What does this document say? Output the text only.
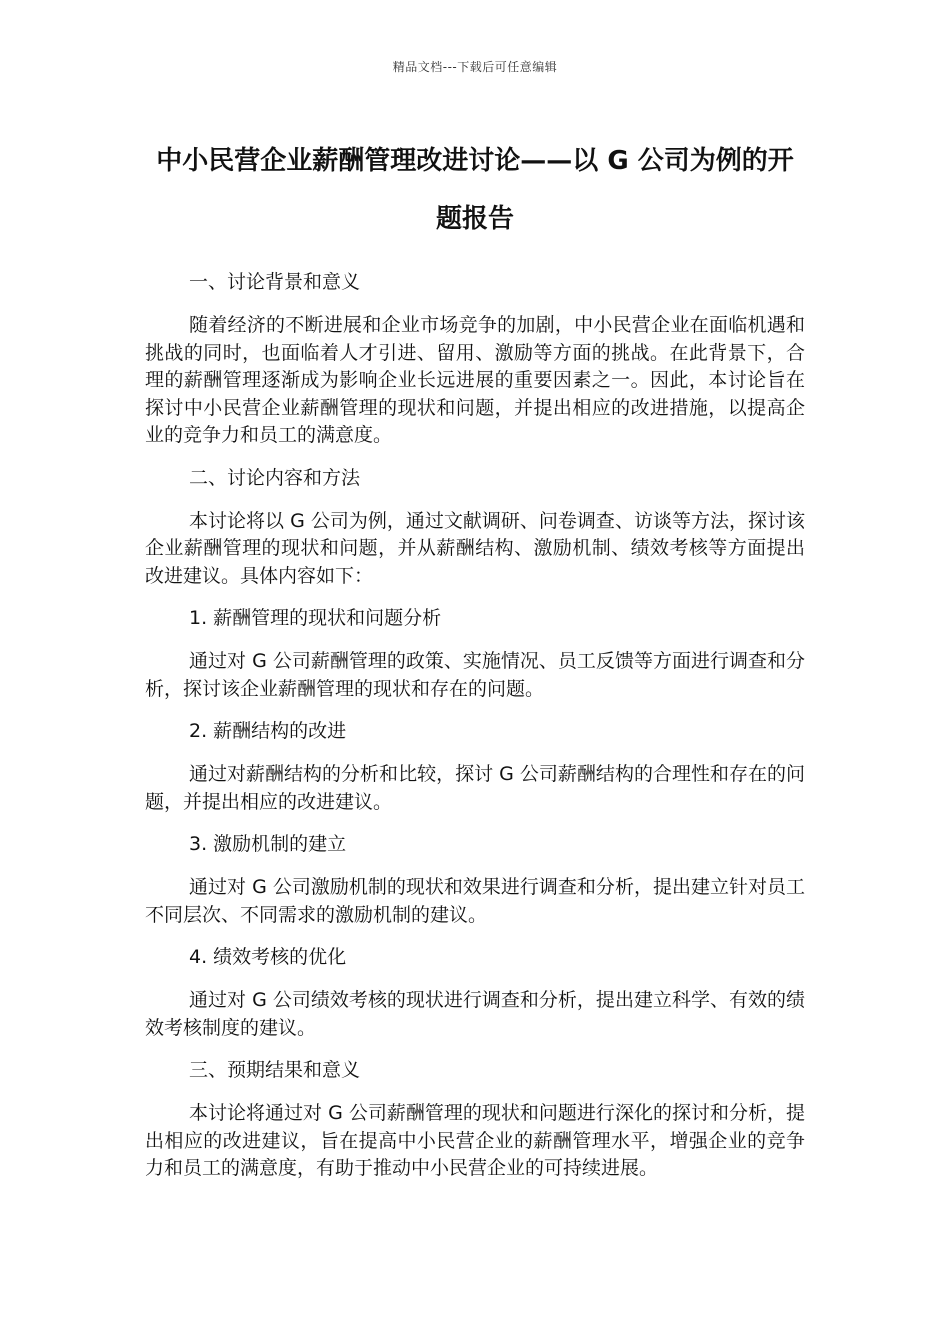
精品文档---下载后可任意编辑
中小民营企业薪酬管理改进讨论——以 G 公司为例的开题报告

一、讨论背景和意义

随着经济的不断进展和企业市场竞争的加剧，中小民营企业在面临机遇和挑战的同时，也面临着人才引进、留用、激励等方面的挑战。在此背景下，合理的薪酬管理逐渐成为影响企业长远进展的重要因素之一。因此，本讨论旨在探讨中小民营企业薪酬管理的现状和问题，并提出相应的改进措施，以提高企业的竞争力和员工的满意度。

二、讨论内容和方法

本讨论将以 G 公司为例，通过文献调研、问卷调查、访谈等方法，探讨该企业薪酬管理的现状和问题，并从薪酬结构、激励机制、绩效考核等方面提出改进建议。具体内容如下：

1. 薪酬管理的现状和问题分析

通过对 G 公司薪酬管理的政策、实施情况、员工反馈等方面进行调查和分析，探讨该企业薪酬管理的现状和存在的问题。

2. 薪酬结构的改进

通过对薪酬结构的分析和比较，探讨 G 公司薪酬结构的合理性和存在的问题，并提出相应的改进建议。

3. 激励机制的建立

通过对 G 公司激励机制的现状和效果进行调查和分析，提出建立针对员工不同层次、不同需求的激励机制的建议。

4. 绩效考核的优化

通过对 G 公司绩效考核的现状进行调查和分析，提出建立科学、有效的绩效考核制度的建议。

三、预期结果和意义

本讨论将通过对 G 公司薪酬管理的现状和问题进行深化的探讨和分析，提出相应的改进建议，旨在提高中小民营企业的薪酬管理水平，增强企业的竞争力和员工的满意度，有助于推动中小民营企业的可持续进展。
